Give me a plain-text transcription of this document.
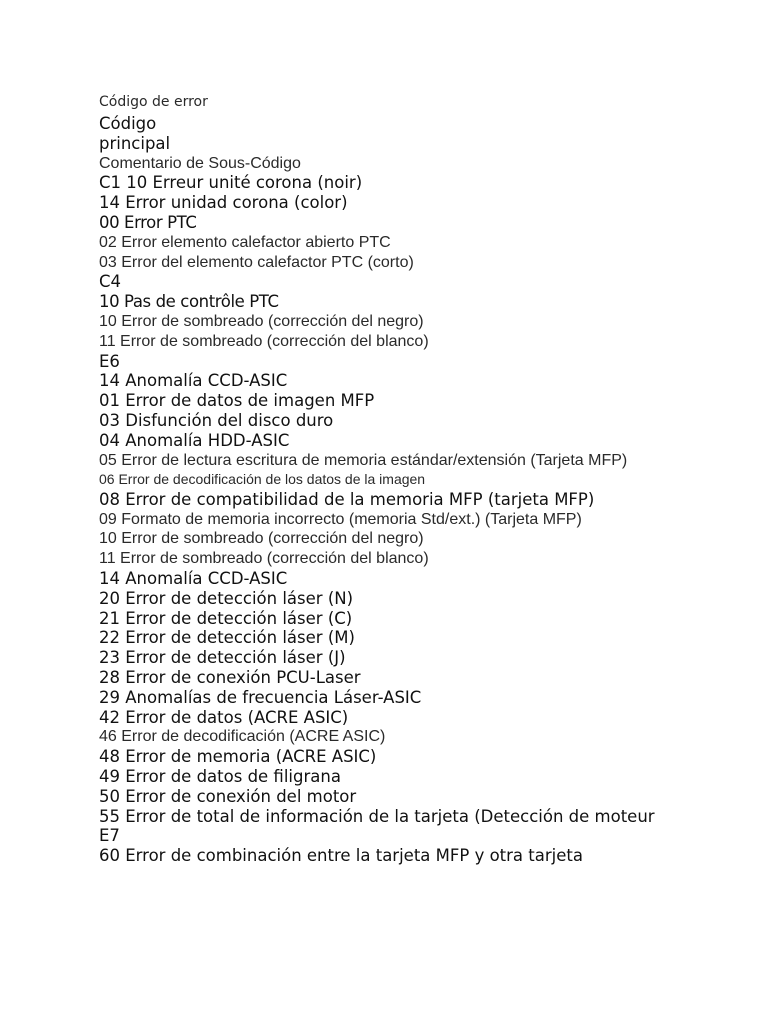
Código de error

Código

principal

Comentario de Sous-Código

C1 10 Erreur unité corona (noir)

14 Error unidad corona (color)

00 Error PTC

02 Error elemento calefactor abierto PTC

03 Error del elemento calefactor PTC (corto)

C4

10 Pas de contrôle PTC

10 Error de sombreado (corrección del negro)

11 Error de sombreado (corrección del blanco)

E6

14 Anomalía CCD-ASIC

01 Error de datos de imagen MFP

03 Disfunción del disco duro

04 Anomalía HDD-ASIC

05 Error de lectura escritura de memoria estándar/extensión (Tarjeta MFP)

06 Error de decodificación de los datos de la imagen

08 Error de compatibilidad de la memoria MFP (tarjeta MFP)

09 Formato de memoria incorrecto (memoria Std/ext.) (Tarjeta MFP)

10 Error de sombreado (corrección del negro)

11 Error de sombreado (corrección del blanco)

14 Anomalía CCD-ASIC

20 Error de detección láser (N)

21 Error de detección láser (C)

22 Error de detección láser (M)

23 Error de detección láser (J)

28 Error de conexión PCU-Laser

29 Anomalías de frecuencia Láser-ASIC

42 Error de datos (ACRE ASIC)

46 Error de decodificación (ACRE ASIC)

48 Error de memoria (ACRE ASIC)

49 Error de datos de filigrana

50 Error de conexión del motor

55 Error de total de información de la tarjeta (Detección de moteur

E7

60 Error de combinación entre la tarjeta MFP y otra tarjeta
